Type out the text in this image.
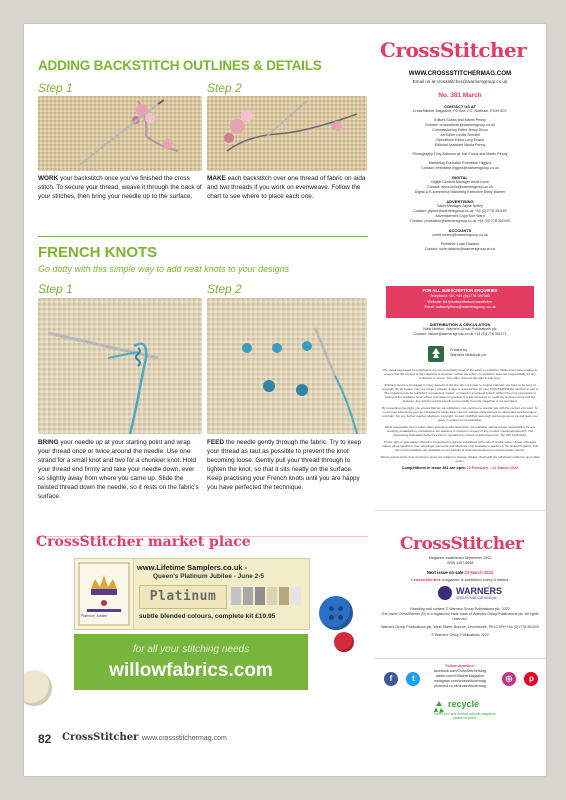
ADDING BACKSTITCH OUTLINES & DETAILS
Step 1	Step 2
WORK your backstitch once you've finished the cross stitch. To secure your thread, weave it through the back of your stitches, then bring your needle up to the surface.
MAKE each backstitch over one thread of fabric on aida and two threads if you work on evenweave. Follow the chart to see where to place each one.
FRENCH KNOTS
Go dotty with this simple way to add neat knots to your designs
Step 1	Step 2
BRING your needle up at your starting point and wrap your thread once or twice around the needle. Use one strand for a small knot and two for a chunkier knot. Hold your thread end firmly and take your needle down, ever so slightly away from where you came up. Slide the twisted thread down the needle, so it rests on the fabric's surface.
FEED the needle gently through the fabric. Try to keep your thread as taut as possible to prevent the knot becoming loose. Gently pull your thread through to tighten the knot, so that it sits neatly on the surface. Keep practising your French knots until you are happy you have perfected the technique.
CrossStitcher market place
Platinum Jubilee
www.Lifetime Samplers.co.uk -
Queen's Platinum Jubilee - June 2-5
Platinum
subtle blended colours, complete kit £19.95
for all your stitching needs
willowfabrics.com
82 CrossStitcher www.crossstitchermag.com
CrossStitcher
WWW.CROSSSTITCHERMAG.COM
Email us at crossstitcher@warnersgroup.co.uk
No. 381 March
CONTACT US AT
CrossStitcher Magazine, PO Box 172, Northam, EX39 9DY
Editors Susan and Martin Penny
Contact: crossstitcher@warnersgroup.co.uk
Commissioning Editor Jenny Dixon
Art Editor Lucille Rendell
Operations Editor Lucy Evans
Editorial Assistant Nicola Penny
Photography Tony Atkinson at Just Focus and Martin Penny
Marketing Executive Emmeline Higgins
Contact: emmeline.higgins@warnersgroup.co.uk
DIGITAL
Digital Content Manager Anna Levin
Contact: anna.levin@warnersgroup.co.uk
Digital & E-commerce Marketing Executive Emily Warner
ADVERTISING
Sales Manager Jayne Notley
Contact: jaynen@warnersgroup.co.uk +44 (0)1778 391189
Advertisement Copy Sue Ward
Contact: production@warnersgroup.co.uk +44 (0)1778 392405
ACCOUNTS
credit.control@warnersgroup.co.uk
Publisher Lucie Dawson
Contact: lucie.dawson@warnersgroup.co.uk
FOR ALL SUBSCRIPTION ENQUIRIES
Telephone: UK +44 (0)1778 392385
Website: bit.ly/subscribetocrossstitcher
Email: subscriptions@warnersgroup.co.uk
DISTRIBUTION & CIRCULATION
Nikki Munton, Warners Group Publications plc
Contact: nikkim@warnersgroup.co.uk +44 (0)1778 391171
Printed by
Warners Midlands plc

The views expressed by contributors are not necessarily those of the editor or publisher. While every care is taken to ensure that the content of the magazine is accurate, neither the editor nor publisher assumes responsibility for any omissions or errors. The editor reserves the right to edit copy.

Stitching can be encouraged in many aspects of the law when it comes to original material; you have to be wary of copyright. By all means, copy the project, artwork, image or reproduction for your OWN PERSONAL use but no part of this magazine may be published, reproduced, copied, or stored in a retrieval system without the prior permission in writing of the publisher. Even where permission is granted, it is still necessary to credit the original source and the designer. Any activity used to benefit commercially from the magazine is not permitted.

By requesting copyright, you ensure that we, as publishers, can continue to provide you with the content you want. To read more about how you can navigate the sticky area, visit our website www.warners.co.uk/contact-us/information/ copyright. For any further queries relating to copyright, contact CraftPermissions@ warnersgroup.co.uk and state your query in relation to CrossStitcher.

While reasonable care is taken when accepting advertisements, the publisher cannot accept responsibility for any resulting unsatisfactory transactions. No warranty is implied in respect of any product mentioned herewith. The Advertising Standards Authority exists to regulate the content of advertisements. Tel: 020 7429 2222.

Prizes, gifts or give-aways offered in competitions might be substituted with ones of similar value. Unless otherwise stated, all competitions, free samplings, discounts and offers are only available to readers in the United Kingdom. Full terms and conditions are available on our website at www.warnersgroup.co.uk/competition-terms/.

Where quoted at the time of going to press are subject to change. Please check with the individual retailer for up-to-date prices.

Competitions in issue 381 are open 23 February – 21 March 2022
CrossStitcher
Magazine established September 1992
ISSN 1467-6648
Next issue on sale 23 March 2022
CrossStitcher magazine is published every 4 weeks.
WARNERS
GROUP PUBLICATIONS plc
Branding and content © Warners Group Publications plc, 2022
The name CrossStitcher (R) is a registered trade mark of Warners Group Publications plc. All rights reserved.
Warners Group Publications plc, West Street, Bourne, Lincolnshire, PE10 9PH +44 (0)1778 391000
© Warners Group Publications 2022
f t
Follow us online!
facebook.com/CrossStitcherMag
twitter.com/XStitcherMagazine
instagram.com/crossstitchermag
pinterest.co.uk/crossstitchermag
◎ p
recycle
When you have finished with this magazine please recycle it.
